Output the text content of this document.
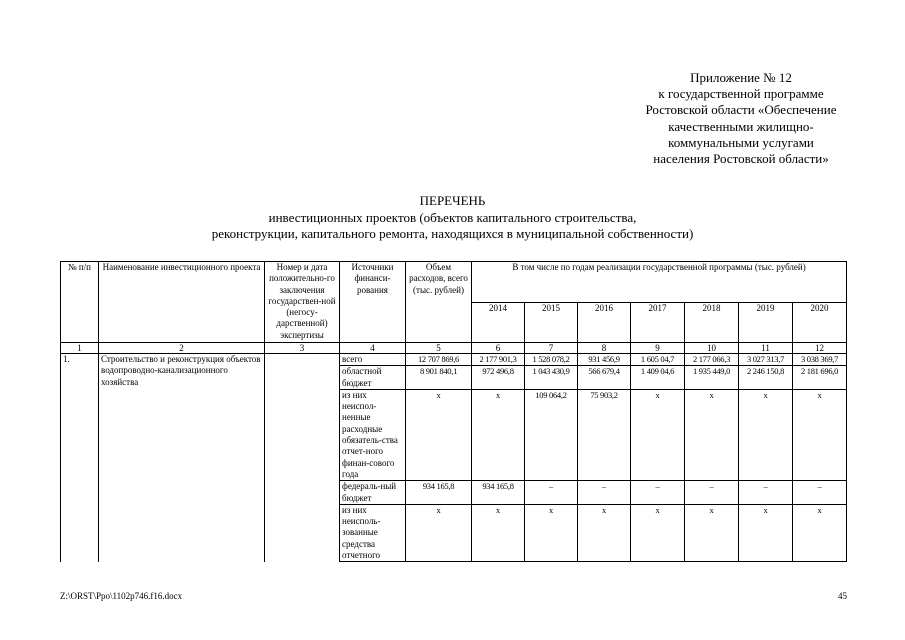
Приложение № 12
к государственной программе
Ростовской области «Обеспечение
качественными жилищно-
коммунальными услугами
населения Ростовской области»
ПЕРЕЧЕНЬ
инвестиционных проектов (объектов капитального строительства,
реконструкции, капитального ремонта, находящихся в муниципальной собственности)
№ п/п	Наименование инвестиционного проекта	Номер и дата положительно-го заключения государствен-ной (негосу-дарственной) экспертизы	Источники финанси-рования	Объем расходов, всего (тыс. рублей)	В том числе по годам реализации государственной программы (тыс. рублей)						
					2014	2015	2016	2017	2018	2019	2020
1	2	3	4	5	6	7	8	9	10	11	12
1.	Строительство и реконструкция объектов водопроводно-канализационного хозяйства		всего	12 707 869,6	2 177 901,3	1 528 078,2	931 456,9	1 605 04,7	2 177 066,3	3 027 313,7	3 038 369,7
			областной бюджет	8 901 840,1	972 496,8	1 043 430,9	566 679,4	1 409 04,6	1 935 449,0	2 246 150,8	2 181 696,0
			из них неиспол-ненные расходные обязатель-ства отчет-ного финан-сового года	х	х	109 064,2	75 903,2	х	х	х	х
			федераль-ный бюджет	934 165,8	934 165,8	–	–	–	–	–	–
			из них неисполь-зованные средства отчетного	х	х	х	х	х	х	х	х
Z:\ORST\Ppo\1102p746.f16.docx	45
